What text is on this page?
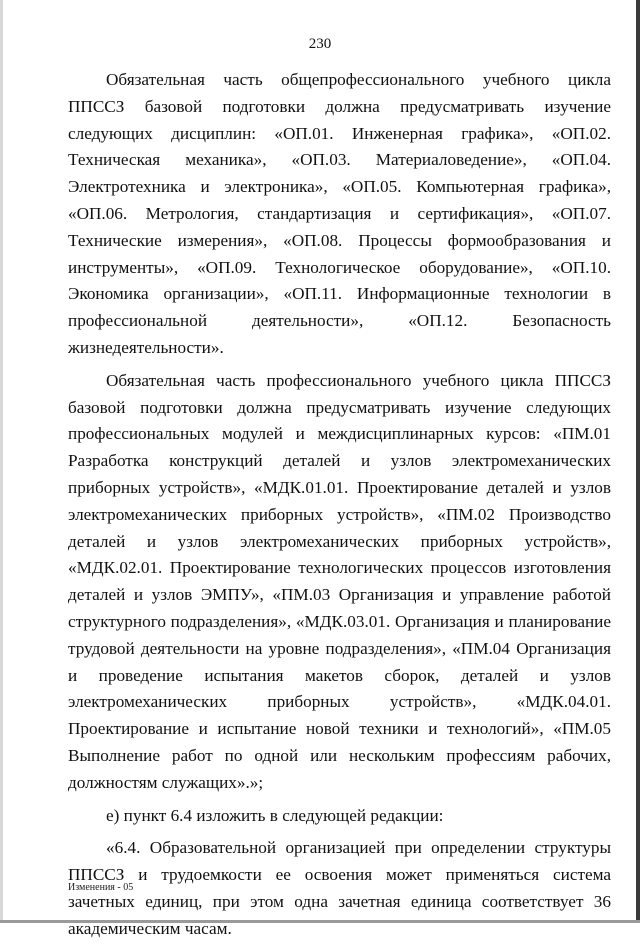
230

Обязательная часть общепрофессионального учебного цикла ППССЗ базовой подготовки должна предусматривать изучение следующих дисциплин: «ОП.01. Инженерная графика», «ОП.02. Техническая механика», «ОП.03. Материаловедение», «ОП.04. Электротехника и электроника», «ОП.05. Компьютерная графика», «ОП.06. Метрология, стандартизация и сертификация», «ОП.07. Технические измерения», «ОП.08. Процессы формообразования и инструменты», «ОП.09. Технологическое оборудование», «ОП.10. Экономика организации», «ОП.11. Информационные технологии в профессиональной деятельности», «ОП.12. Безопасность жизнедеятельности».

Обязательная часть профессионального учебного цикла ППССЗ базовой подготовки должна предусматривать изучение следующих профессиональных модулей и междисциплинарных курсов: «ПМ.01 Разработка конструкций деталей и узлов электромеханических приборных устройств», «МДК.01.01. Проектирование деталей и узлов электромеханических приборных устройств», «ПМ.02 Производство деталей и узлов электромеханических приборных устройств», «МДК.02.01. Проектирование технологических процессов изготовления деталей и узлов ЭМПУ», «ПМ.03 Организация и управление работой структурного подразделения», «МДК.03.01. Организация и планирование трудовой деятельности на уровне подразделения», «ПМ.04 Организация и проведение испытания макетов сборок, деталей и узлов электромеханических приборных устройств», «МДК.04.01. Проектирование и испытание новой техники и технологий», «ПМ.05 Выполнение работ по одной или нескольким профессиям рабочих, должностям служащих».»;

е) пункт 6.4 изложить в следующей редакции:

«6.4. Образовательной организацией при определении структуры ППССЗ и трудоемкости ее освоения может применяться система зачетных единиц, при этом одна зачетная единица соответствует 36 академическим часам.

Изменения - 05
